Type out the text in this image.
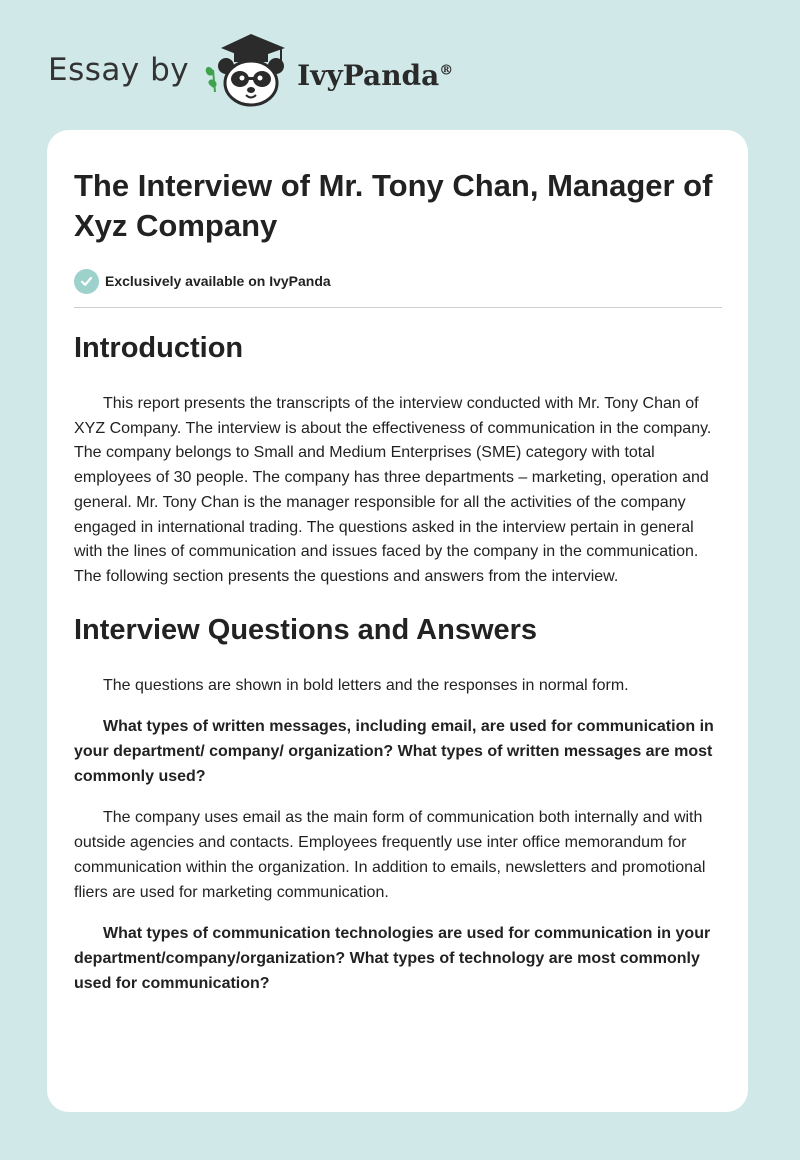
Essay by	IvyPanda®
The Interview of Mr. Tony Chan, Manager of Xyz Company
Exclusively available on IvyPanda
Introduction

This report presents the transcripts of the interview conducted with Mr. Tony Chan of XYZ Company. The interview is about the effectiveness of communication in the company. The company belongs to Small and Medium Enterprises (SME) category with total employees of 30 people. The company has three departments – marketing, operation and general. Mr. Tony Chan is the manager responsible for all the activities of the company engaged in international trading. The questions asked in the interview pertain in general with the lines of communication and issues faced by the company in the communication. The following section presents the questions and answers from the interview.

Interview Questions and Answers

The questions are shown in bold letters and the responses in normal form.

What types of written messages, including email, are used for communication in your department/ company/ organization? What types of written messages are most commonly used?

The company uses email as the main form of communication both internally and with outside agencies and contacts. Employees frequently use inter office memorandum for communication within the organization. In addition to emails, newsletters and promotional fliers are used for marketing communication.

What types of communication technologies are used for communication in your department/company/organization? What types of technology are most commonly used for communication?
